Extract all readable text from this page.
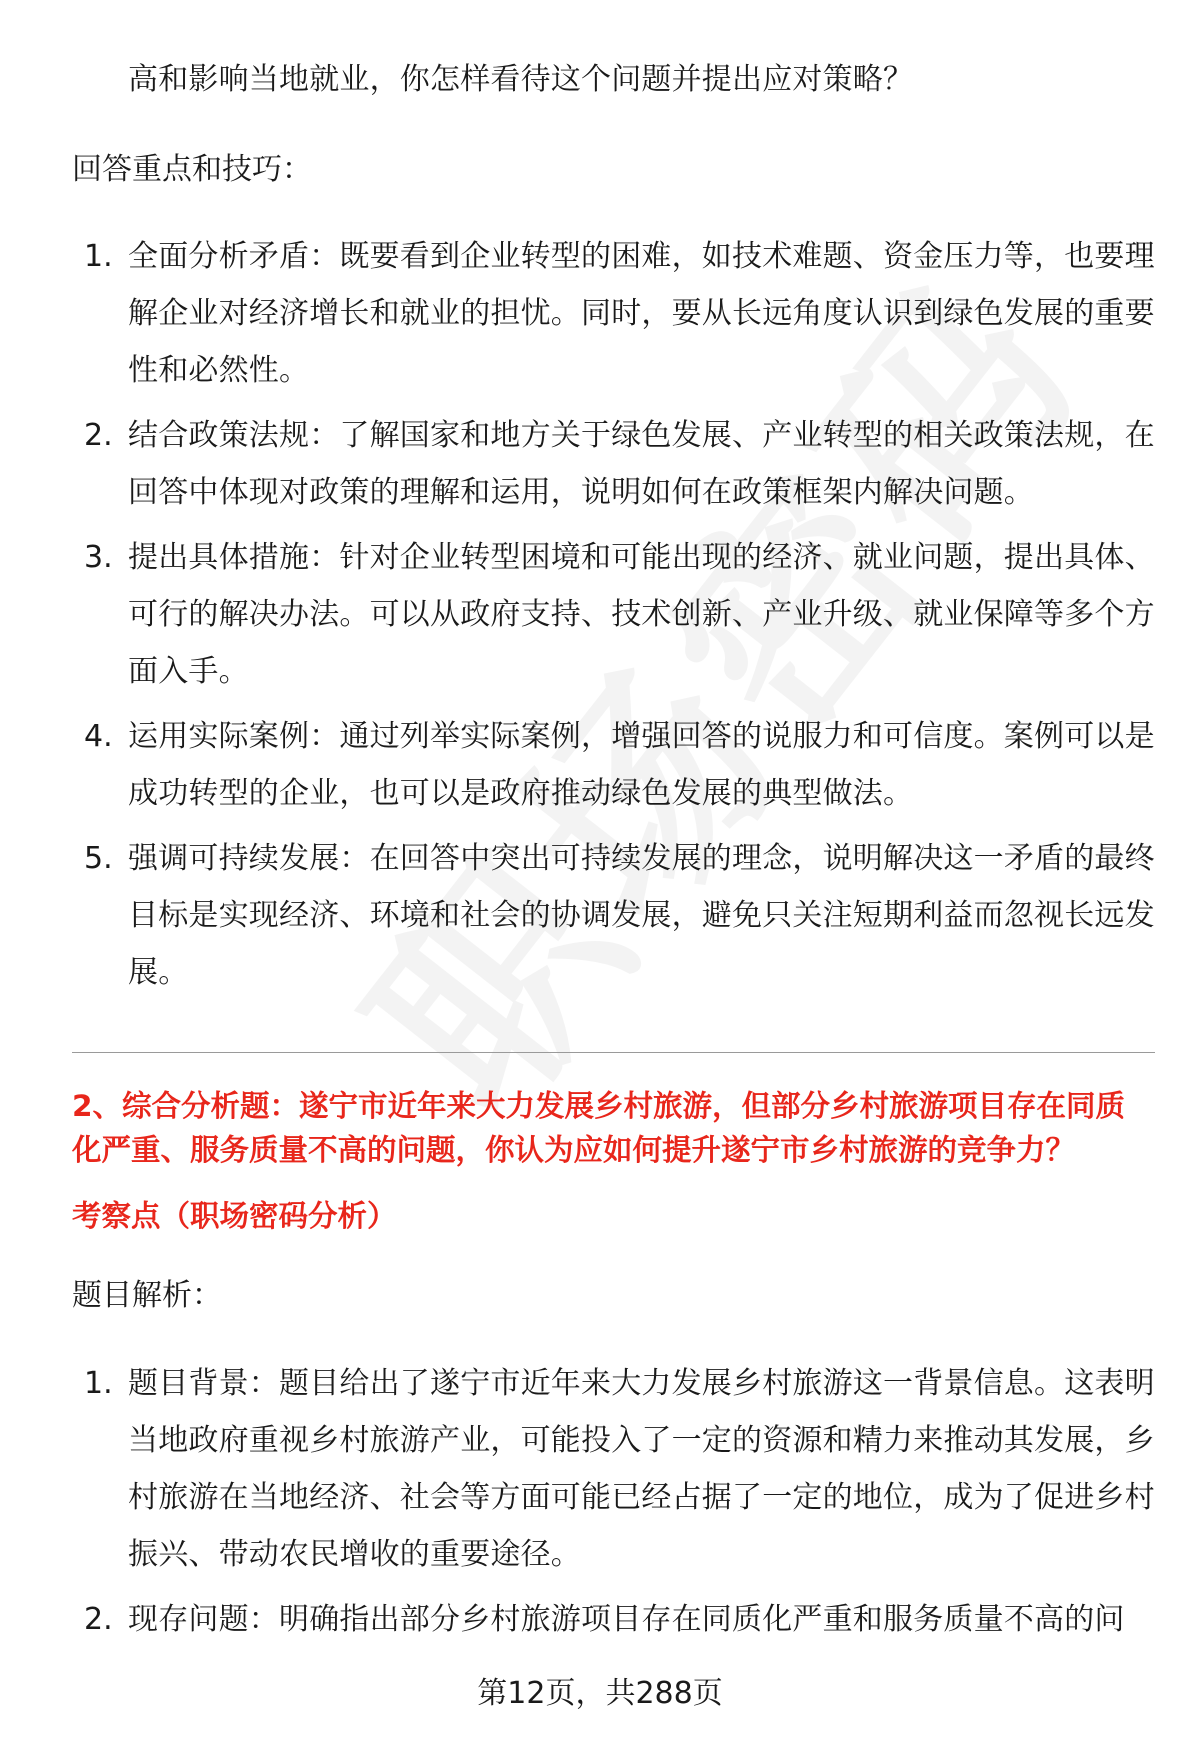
高和影响当地就业，你怎样看待这个问题并提出应对策略？
回答重点和技巧：
1. 全面分析矛盾：既要看到企业转型的困难，如技术难题、资金压力等，也要理
解企业对经济增长和就业的担忧。同时，要从长远角度认识到绿色发展的重要
性和必然性。
2. 结合政策法规：了解国家和地方关于绿色发展、产业转型的相关政策法规，在
回答中体现对政策的理解和运用，说明如何在政策框架内解决问题。
3. 提出具体措施：针对企业转型困境和可能出现的经济、就业问题，提出具体、
可行的解决办法。可以从政府支持、技术创新、产业升级、就业保障等多个方
面入手。
4. 运用实际案例：通过列举实际案例，增强回答的说服力和可信度。案例可以是
成功转型的企业，也可以是政府推动绿色发展的典型做法。
5. 强调可持续发展：在回答中突出可持续发展的理念，说明解决这一矛盾的最终
目标是实现经济、环境和社会的协调发展，避免只关注短期利益而忽视长远发
展。
2、综合分析题：遂宁市近年来大力发展乡村旅游，但部分乡村旅游项目存在同质
化严重、服务质量不高的问题，你认为应如何提升遂宁市乡村旅游的竞争力？
考察点（职场密码分析）
题目解析：
1. 题目背景：题目给出了遂宁市近年来大力发展乡村旅游这一背景信息。这表明
当地政府重视乡村旅游产业，可能投入了一定的资源和精力来推动其发展，乡
村旅游在当地经济、社会等方面可能已经占据了一定的地位，成为了促进乡村
振兴、带动农民增收的重要途径。
2. 现存问题：明确指出部分乡村旅游项目存在同质化严重和服务质量不高的问
第12页，共288页
